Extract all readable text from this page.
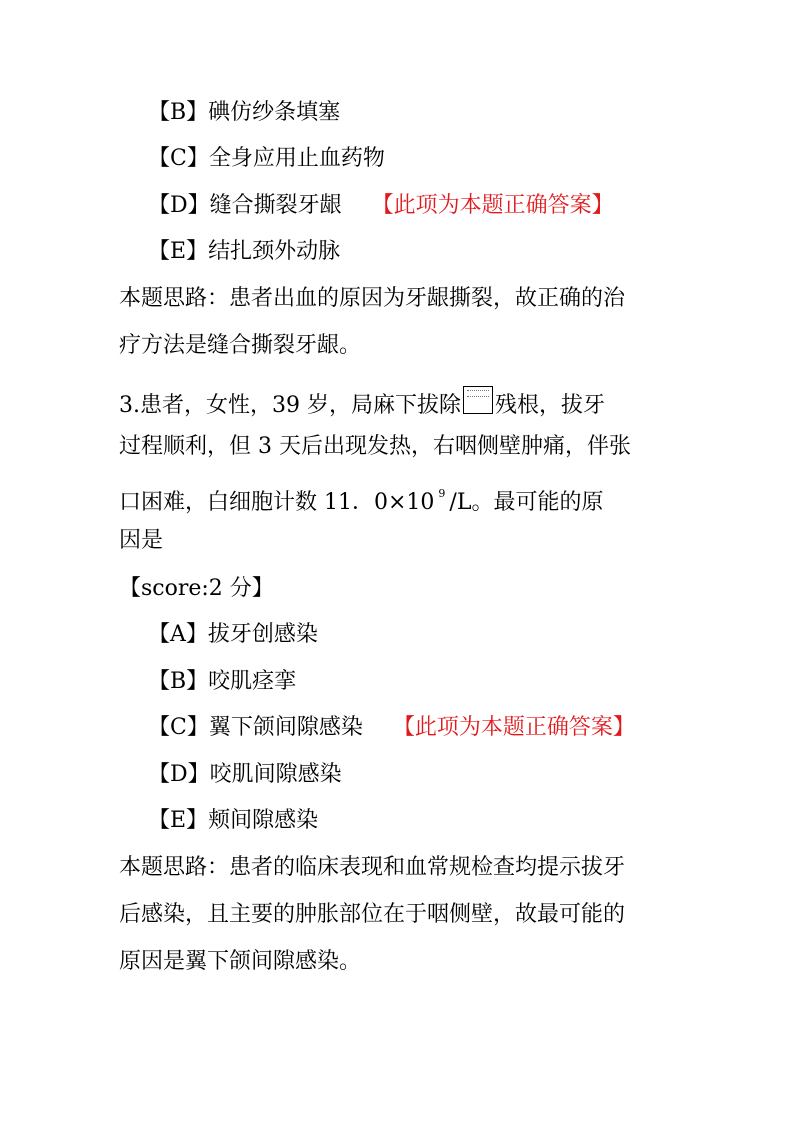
【B】碘仿纱条填塞
【C】全身应用止血药物
【D】缝合撕裂牙龈 【此项为本题正确答案】
【E】结扎颈外动脉
本题思路：患者出血的原因为牙龈撕裂，故正确的治
疗方法是缝合撕裂牙龈。
3.患者，女性，39 岁，局麻下拔除 残根，拔牙
过程顺利，但 3 天后出现发热，右咽侧壁肿痛，伴张
口困难，白细胞计数 11．0×10 $^9$ /L。最可能的原
因是
【score:2 分】
【A】拔牙创感染
【B】咬肌痉挛
【C】翼下颌间隙感染 【此项为本题正确答案】
【D】咬肌间隙感染
【E】颊间隙感染
本题思路：患者的临床表现和血常规检查均提示拔牙
后感染，且主要的肿胀部位在于咽侧壁，故最可能的
原因是翼下颌间隙感染。
